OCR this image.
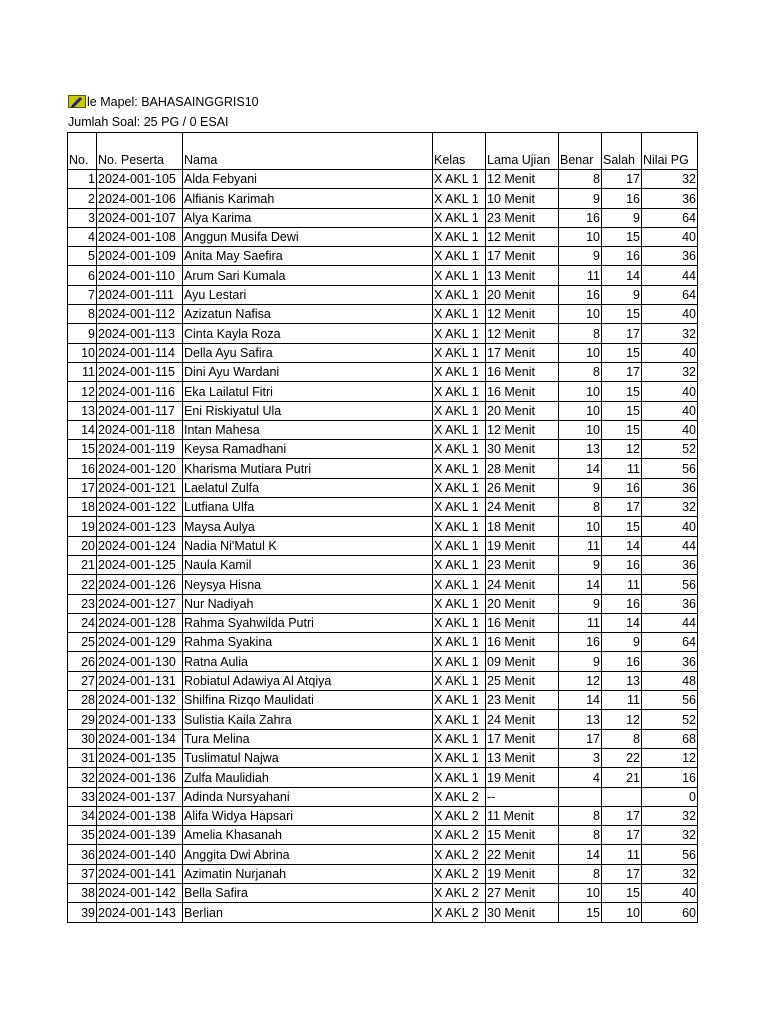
le Mapel: BAHASAINGGRIS10
Jumlah Soal: 25 PG / 0 ESAI
No.	No. Peserta	Nama	Kelas	Lama Ujian	Benar	Salah	Nilai PG
1	2024-001-105	Alda Febyani	X AKL 1	12 Menit	8	17	32
2	2024-001-106	Alfianis Karimah	X AKL 1	10 Menit	9	16	36
3	2024-001-107	Alya Karima	X AKL 1	23 Menit	16	9	64
4	2024-001-108	Anggun Musifa Dewi	X AKL 1	12 Menit	10	15	40
5	2024-001-109	Anita May Saefira	X AKL 1	17 Menit	9	16	36
6	2024-001-110	Arum Sari Kumala	X AKL 1	13 Menit	11	14	44
7	2024-001-111	Ayu Lestari	X AKL 1	20 Menit	16	9	64
8	2024-001-112	Azizatun Nafisa	X AKL 1	12 Menit	10	15	40
9	2024-001-113	Cinta Kayla Roza	X AKL 1	12 Menit	8	17	32
10	2024-001-114	Della Ayu Safira	X AKL 1	17 Menit	10	15	40
11	2024-001-115	Dini Ayu Wardani	X AKL 1	16 Menit	8	17	32
12	2024-001-116	Eka Lailatul Fitri	X AKL 1	16 Menit	10	15	40
13	2024-001-117	Eni Riskiyatul Ula	X AKL 1	20 Menit	10	15	40
14	2024-001-118	Intan Mahesa	X AKL 1	12 Menit	10	15	40
15	2024-001-119	Keysa Ramadhani	X AKL 1	30 Menit	13	12	52
16	2024-001-120	Kharisma Mutiara Putri	X AKL 1	28 Menit	14	11	56
17	2024-001-121	Laelatul Zulfa	X AKL 1	26 Menit	9	16	36
18	2024-001-122	Lutfiana Ulfa	X AKL 1	24 Menit	8	17	32
19	2024-001-123	Maysa Aulya	X AKL 1	18 Menit	10	15	40
20	2024-001-124	Nadia Ni'Matul K	X AKL 1	19 Menit	11	14	44
21	2024-001-125	Naula Kamil	X AKL 1	23 Menit	9	16	36
22	2024-001-126	Neysya Hisna	X AKL 1	24 Menit	14	11	56
23	2024-001-127	Nur Nadiyah	X AKL 1	20 Menit	9	16	36
24	2024-001-128	Rahma Syahwilda Putri	X AKL 1	16 Menit	11	14	44
25	2024-001-129	Rahma Syakina	X AKL 1	16 Menit	16	9	64
26	2024-001-130	Ratna Aulia	X AKL 1	09 Menit	9	16	36
27	2024-001-131	Robiatul Adawiya Al Atqiya	X AKL 1	25 Menit	12	13	48
28	2024-001-132	Shilfina Rizqo Maulidati	X AKL 1	23 Menit	14	11	56
29	2024-001-133	Sulistia Kaila Zahra	X AKL 1	24 Menit	13	12	52
30	2024-001-134	Tura Melina	X AKL 1	17 Menit	17	8	68
31	2024-001-135	Tuslimatul Najwa	X AKL 1	13 Menit	3	22	12
32	2024-001-136	Zulfa Maulidiah	X AKL 1	19 Menit	4	21	16
33	2024-001-137	Adinda Nursyahani	X AKL 2	--			0
34	2024-001-138	Alifa Widya Hapsari	X AKL 2	11 Menit	8	17	32
35	2024-001-139	Amelia Khasanah	X AKL 2	15 Menit	8	17	32
36	2024-001-140	Anggita Dwi Abrina	X AKL 2	22 Menit	14	11	56
37	2024-001-141	Azimatin Nurjanah	X AKL 2	19 Menit	8	17	32
38	2024-001-142	Bella Safira	X AKL 2	27 Menit	10	15	40
39	2024-001-143	Berlian	X AKL 2	30 Menit	15	10	60
